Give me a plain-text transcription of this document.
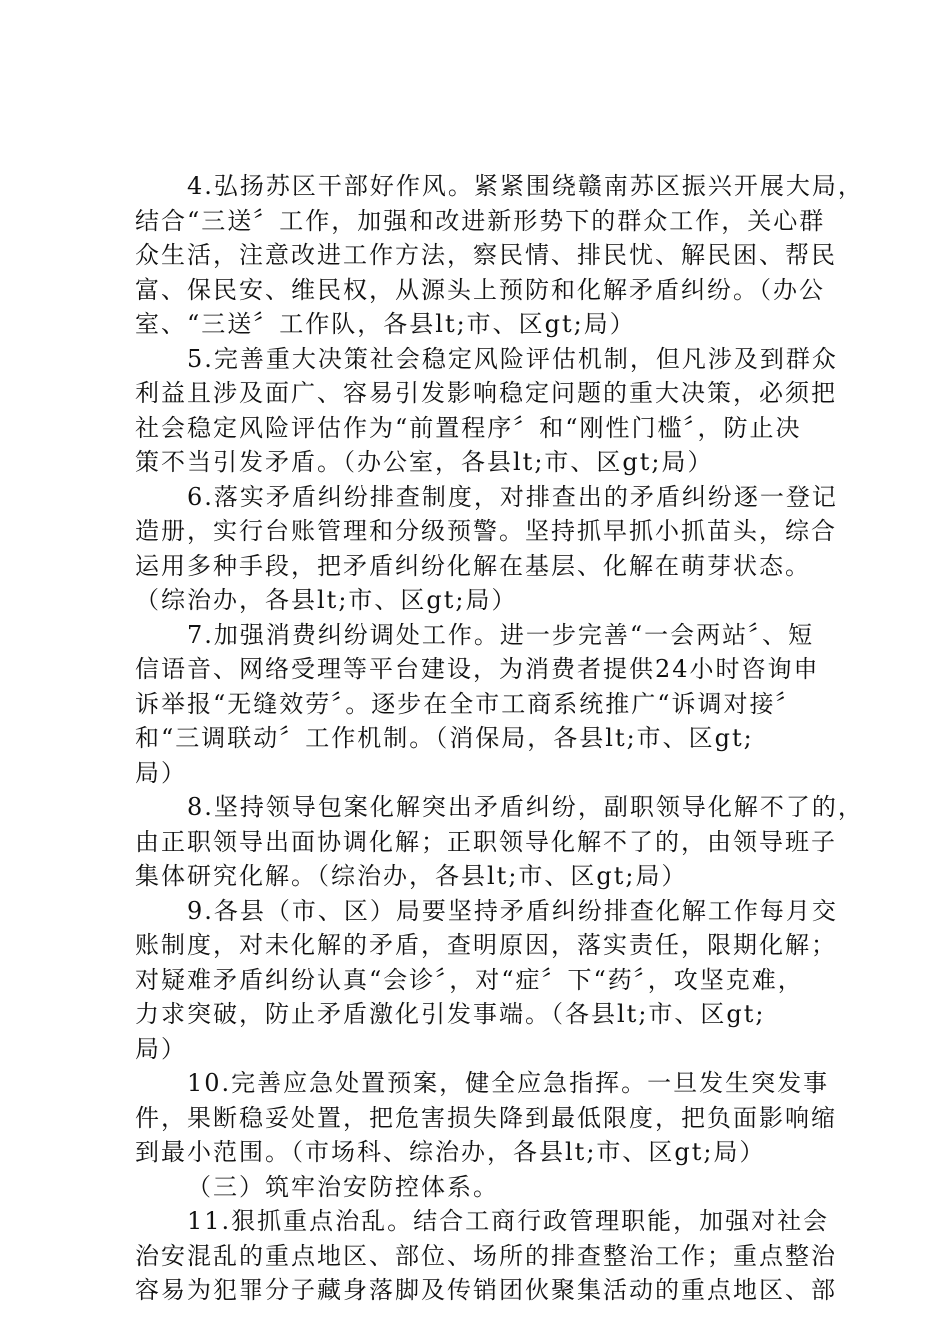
4.弘扬苏区干部好作风。紧紧围绕赣南苏区振兴开展大局，
结合“三送〞工作，加强和改进新形势下的群众工作，关心群
众生活，注意改进工作方法，察民情、排民忧、解民困、帮民
富、保民安、维民权，从源头上预防和化解矛盾纠纷。（办公
室、“三送〞工作队，各县lt;市、区gt;局）
5.完善重大决策社会稳定风险评估机制，但凡涉及到群众
利益且涉及面广、容易引发影响稳定问题的重大决策，必须把
社会稳定风险评估作为“前置程序〞和“刚性门槛〞，防止决
策不当引发矛盾。（办公室，各县lt;市、区gt;局）
6.落实矛盾纠纷排查制度，对排查出的矛盾纠纷逐一登记
造册，实行台账管理和分级预警。坚持抓早抓小抓苗头，综合
运用多种手段，把矛盾纠纷化解在基层、化解在萌芽状态。
（综治办，各县lt;市、区gt;局）
7.加强消费纠纷调处工作。进一步完善“一会两站〞、短
信语音、网络受理等平台建设，为消费者提供24小时咨询申
诉举报“无缝效劳〞。逐步在全市工商系统推广“诉调对接〞
和“三调联动〞工作机制。（消保局，各县lt;市、区gt;
局）
8.坚持领导包案化解突出矛盾纠纷，副职领导化解不了的，
由正职领导出面协调化解；正职领导化解不了的，由领导班子
集体研究化解。（综治办，各县lt;市、区gt;局）
9.各县（市、区）局要坚持矛盾纠纷排查化解工作每月交
账制度，对未化解的矛盾，查明原因，落实责任，限期化解；
对疑难矛盾纠纷认真“会诊〞，对“症〞下“药〞，攻坚克难，
力求突破，防止矛盾激化引发事端。（各县lt;市、区gt;
局）
10.完善应急处置预案，健全应急指挥。一旦发生突发事
件，果断稳妥处置，把危害损失降到最低限度，把负面影响缩
到最小范围。（市场科、综治办，各县lt;市、区gt;局）
（三）筑牢治安防控体系。
11.狠抓重点治乱。结合工商行政管理职能，加强对社会
治安混乱的重点地区、部位、场所的排查整治工作；重点整治
容易为犯罪分子藏身落脚及传销团伙聚集活动的重点地区、部
